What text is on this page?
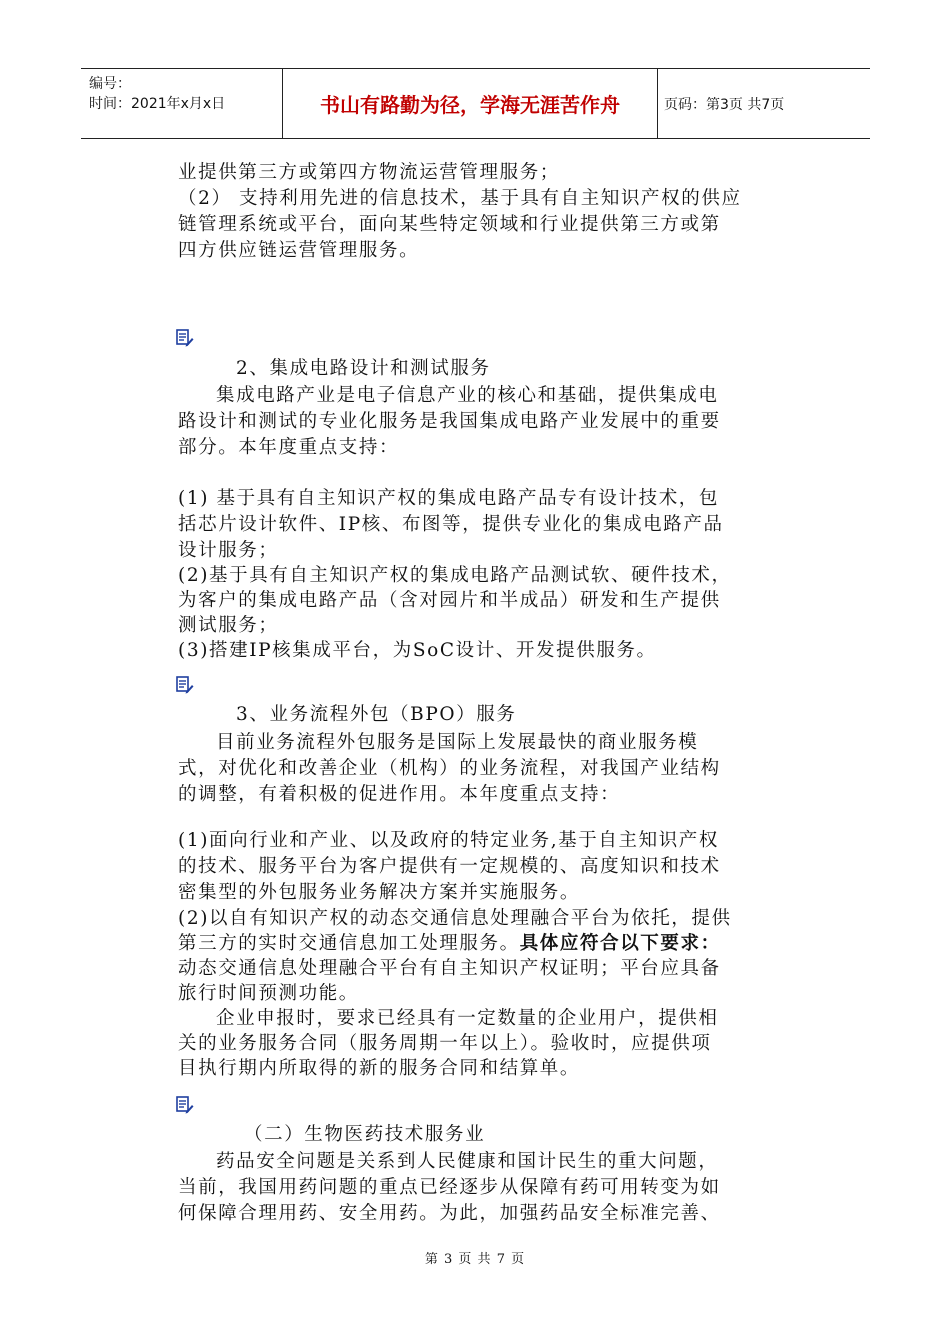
编号：
时间：2021年x月x日	书山有路勤为径，学海无涯苦作舟	页码：第3页 共7页
业提供第三方或第四方物流运营管理服务；
（2） 支持利用先进的信息技术，基于具有自主知识产权的供应
链管理系统或平台，面向某些特定领域和行业提供第三方或第
四方供应链运营管理服务。
2、集成电路设计和测试服务
集成电路产业是电子信息产业的核心和基础，提供集成电
路设计和测试的专业化服务是我国集成电路产业发展中的重要
部分。本年度重点支持：
(1) 基于具有自主知识产权的集成电路产品专有设计技术，包
括芯片设计软件、IP核、布图等，提供专业化的集成电路产品
设计服务；
(2)基于具有自主知识产权的集成电路产品测试软、硬件技术，
为客户的集成电路产品（含对园片和半成品）研发和生产提供
测试服务；
(3)搭建IP核集成平台，为SoC设计、开发提供服务。
3、业务流程外包（BPO）服务
目前业务流程外包服务是国际上发展最快的商业服务模
式，对优化和改善企业（机构）的业务流程，对我国产业结构
的调整，有着积极的促进作用。本年度重点支持：
(1)面向行业和产业、以及政府的特定业务,基于自主知识产权
的技术、服务平台为客户提供有一定规模的、高度知识和技术
密集型的外包服务业务解决方案并实施服务。
(2)以自有知识产权的动态交通信息处理融合平台为依托，提供
第三方的实时交通信息加工处理服务。具体应符合以下要求：
动态交通信息处理融合平台有自主知识产权证明；平台应具备
旅行时间预测功能。
企业申报时，要求已经具有一定数量的企业用户，提供相
关的业务服务合同（服务周期一年以上）。验收时，应提供项
目执行期内所取得的新的服务合同和结算单。
（二）生物医药技术服务业
药品安全问题是关系到人民健康和国计民生的重大问题，
当前，我国用药问题的重点已经逐步从保障有药可用转变为如
何保障合理用药、安全用药。为此，加强药品安全标准完善、
第 3 页 共 7 页
